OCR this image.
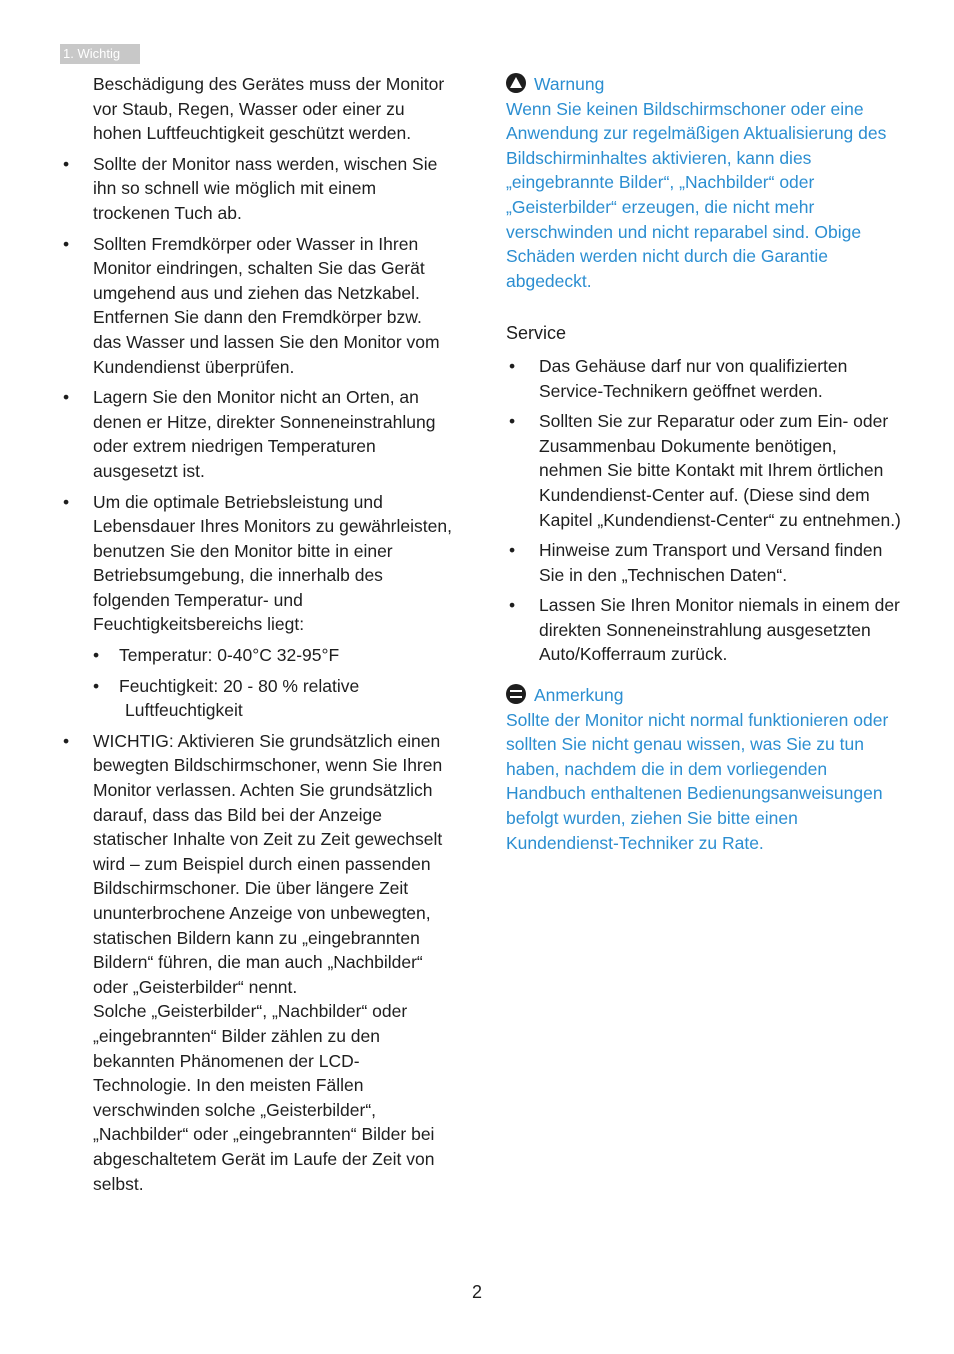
1. Wichtig

Beschädigung des Gerätes muss der Monitor vor Staub, Regen, Wasser oder einer zu hohen Luftfeuchtigkeit geschützt werden.

• Sollte der Monitor nass werden, wischen Sie ihn so schnell wie möglich mit einem trockenen Tuch ab.
• Sollten Fremdkörper oder Wasser in Ihren Monitor eindringen, schalten Sie das Gerät umgehend aus und ziehen das Netzkabel. Entfernen Sie dann den Fremdkörper bzw. das Wasser und lassen Sie den Monitor vom Kundendienst überprüfen.
• Lagern Sie den Monitor nicht an Orten, an denen er Hitze, direkter Sonneneinstrahlung oder extrem niedrigen Temperaturen ausgesetzt ist.
• Um die optimale Betriebsleistung und Lebensdauer Ihres Monitors zu gewährleisten, benutzen Sie den Monitor bitte in einer Betriebsumgebung, die innerhalb des folgenden Temperatur- und Feuchtigkeitsbereichs liegt:
• Temperatur: 0-40°C 32-95°F
• Feuchtigkeit: 20 - 80 % relative
Luftfeuchtigkeit
• WICHTIG: Aktivieren Sie grundsätzlich einen bewegten Bildschirmschoner, wenn Sie Ihren Monitor verlassen. Achten Sie grundsätzlich darauf, dass das Bild bei der Anzeige statischer Inhalte von Zeit zu Zeit gewechselt wird – zum Beispiel durch einen passenden Bildschirmschoner. Die über längere Zeit ununterbrochene Anzeige von unbewegten, statischen Bildern kann zu „eingebrannten Bildern“ führen, die man auch „Nachbilder“ oder „Geisterbilder“ nennt.
Solche „Geisterbilder“, „Nachbilder“ oder „eingebrannten“ Bilder zählen zu den bekannten Phänomenen der LCD-Technologie. In den meisten Fällen verschwinden solche „Geisterbilder“, „Nachbilder“ oder „eingebrannten“ Bilder bei abgeschaltetem Gerät im Laufe der Zeit von selbst.
Warnung

Wenn Sie keinen Bildschirmschoner oder eine Anwendung zur regelmäßigen Aktualisierung des Bildschirminhaltes aktivieren, kann dies „eingebrannte Bilder“, „Nachbilder“ oder „Geisterbilder“ erzeugen, die nicht mehr verschwinden und nicht reparabel sind. Obige Schäden werden nicht durch die Garantie abgedeckt.

Service
• Das Gehäuse darf nur von qualifizierten Service-Technikern geöffnet werden.
• Sollten Sie zur Reparatur oder zum Ein- oder Zusammenbau Dokumente benötigen, nehmen Sie bitte Kontakt mit Ihrem örtlichen Kundendienst-Center auf. (Diese sind dem Kapitel „Kundendienst-Center“ zu entnehmen.)
• Hinweise zum Transport und Versand finden Sie in den „Technischen Daten“.
• Lassen Sie Ihren Monitor niemals in einem der direkten Sonneneinstrahlung ausgesetzten Auto/Kofferraum zurück.
Anmerkung

Sollte der Monitor nicht normal funktionieren oder sollten Sie nicht genau wissen, was Sie zu tun haben, nachdem die in dem vorliegenden Handbuch enthaltenen Bedienungsanweisungen befolgt wurden, ziehen Sie bitte einen Kundendienst-Techniker zu Rate.

2
